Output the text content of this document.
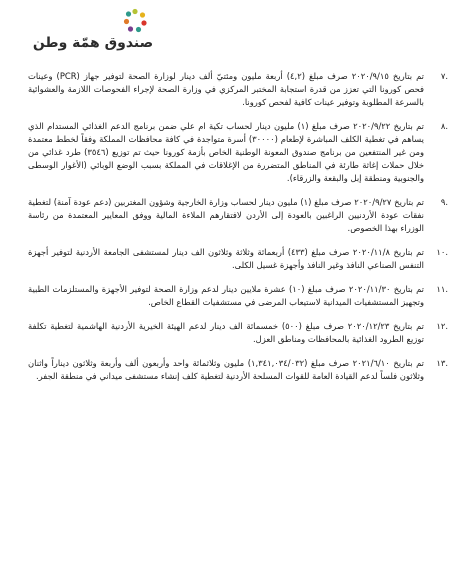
صندوق همّة وطن
.٧
تم بتاريخ ٢٠٢٠/٩/١٥ صرف مبلغ (٤,٢) أربعة مليون ومئتيّ ألف دينار لوزارة الصحة لتوفير جهاز (PCR) وعينات فحص كورونا التي تعزز من قدرة استجابة المختبر المركزي في وزارة الصحة لإجراء الفحوصات اللازمة والعشوائية بالسرعة المطلوبة وتوفير عينات كافية لفحص كورونا.
.٨
تم بتاريخ ٢٠٢٠/٩/٢٢ صرف مبلغ (١) مليون دينار لحساب تكية ام علي ضمن برنامج الدعم الغذائي المستدام الذي يساهم في تغطية الكلف المباشرة لإطعام (٣٠٠٠٠) أسرة متواجدة في كافة محافظات المملكة وفقاً لخطط معتمدة ومن غير المنتفعين من برنامج صندوق المعونة الوطنية الخاص بأزمة كورونا حيث تم توزيع (٣٥٤٦) طرد غذائي من خلال حملات إغاثة طارئة في المناطق المتضررة من الإغلاقات في المملكة بسبب الوضع الوبائي (الأغوار الوسطى والجنوبية ومنطقة إبل والبقعة والزرقاء).
.٩
تم بتاريخ ٢٠٢٠/٩/٢٧ صرف مبلغ (١) مليون دينار لحساب وزارة الخارجية وشؤون المغتربين (دعم عودة آمنة) لتغطية نفقات عودة الأردنيين الراغبين بالعودة إلى الأردن لافتقارهم الملاءة المالية ووفق المعايير المعتمدة من رئاسة الوزراء بهذا الخصوص.
.١٠
تم بتاريخ ٢٠٢٠/١١/٨ صرف مبلغ (٤٣٣) أربعمائة وثلاثة وثلاثون الف دينار لمستشفى الجامعة الأردنية لتوفير أجهزة التنفس الصناعي النافذ وغير النافذ وأجهزة غسيل الكلى.
.١١
تم بتاريخ ٢٠٢٠/١١/٣٠ صرف مبلغ (١٠) عشرة ملايين دينار لدعم وزارة الصحة لتوفير الأجهزة والمستلزمات الطبية وتجهيز المستشفيات الميدانية لاستيعاب المرضى في مستشفيات القطاع الخاص.
.١٢
تم بتاريخ ٢٠٢٠/١٢/٢٣ صرف مبلغ (٥٠٠) خمسمائة الف دينار لدعم الهيئة الخيرية الأردنية الهاشمية لتغطية تكلفة توزيع الطرود الغذائية بالمحافظات ومناطق العزل.
.١٣
تم بتاريخ ٢٠٢١/٦/١٠ صرف مبلغ (١,٣٤١,٠٣٤/٠٣٢) مليون وثلاثمائة واحد وأربعون ألف وأربعة وثلاثون ديناراً واثنان وثلاثون فلساً لدعم القيادة العامة للقوات المسلحة الأردنية لتغطية كلف إنشاء مستشفى ميداني في منطقة الجفر.
